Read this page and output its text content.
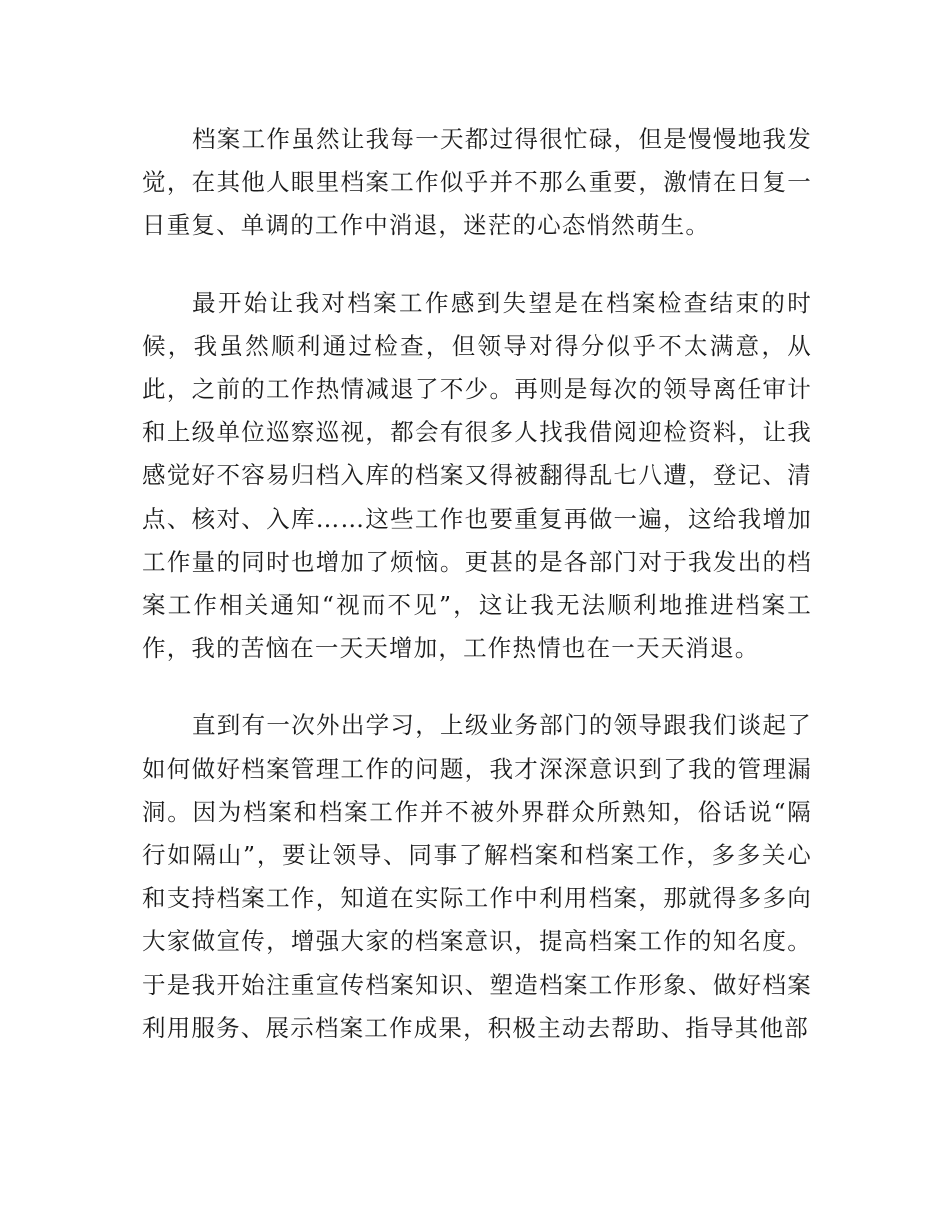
档案工作虽然让我每一天都过得很忙碌，但是慢慢地我发觉，在其他人眼里档案工作似乎并不那么重要，激情在日复一日重复、单调的工作中消退，迷茫的心态悄然萌生。

最开始让我对档案工作感到失望是在档案检查结束的时候，我虽然顺利通过检查，但领导对得分似乎不太满意，从此，之前的工作热情减退了不少。再则是每次的领导离任审计和上级单位巡察巡视，都会有很多人找我借阅迎检资料，让我感觉好不容易归档入库的档案又得被翻得乱七八遭，登记、清点、核对、入库……这些工作也要重复再做一遍，这给我增加工作量的同时也增加了烦恼。更甚的是各部门对于我发出的档案工作相关通知“视而不见”，这让我无法顺利地推进档案工作，我的苦恼在一天天增加，工作热情也在一天天消退。

直到有一次外出学习，上级业务部门的领导跟我们谈起了如何做好档案管理工作的问题，我才深深意识到了我的管理漏洞。因为档案和档案工作并不被外界群众所熟知，俗话说“隔行如隔山”，要让领导、同事了解档案和档案工作，多多关心和支持档案工作，知道在实际工作中利用档案，那就得多多向大家做宣传，增强大家的档案意识，提高档案工作的知名度。于是我开始注重宣传档案知识、塑造档案工作形象、做好档案利用服务、展示档案工作成果，积极主动去帮助、指导其他部
